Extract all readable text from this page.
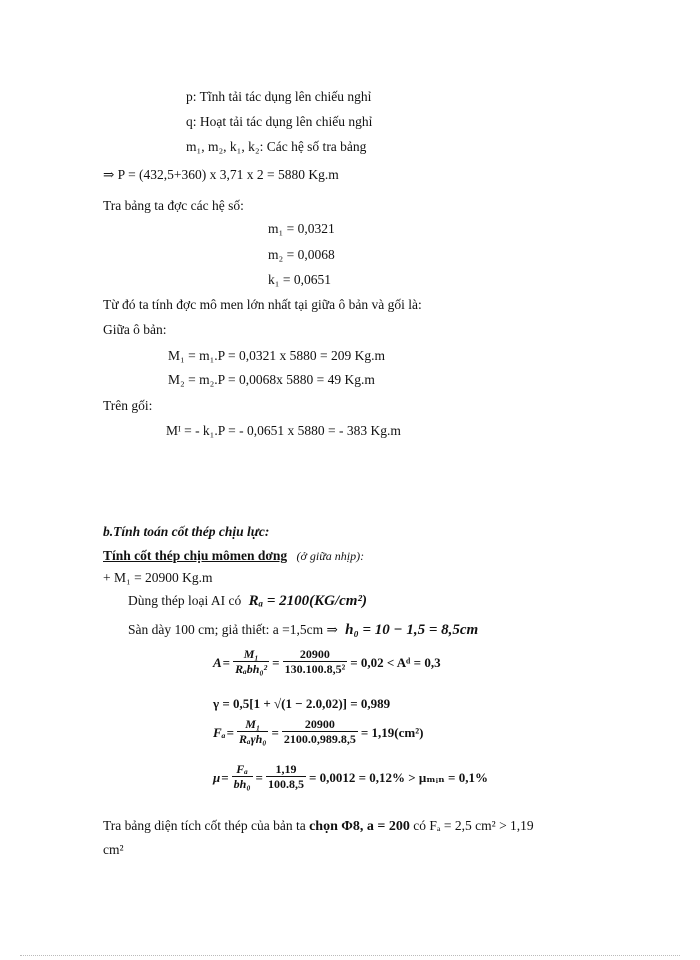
p: Tĩnh tải tác dụng lên chiếu nghỉ
q: Hoạt tải tác dụng lên chiếu nghỉ
m₁, m₂, k₁, k₂: Các hệ số tra bảng
⇒ P = (432,5+360) x 3,71 x 2 = 5880 Kg.m
Tra bảng ta đợc các hệ số:
m₁ = 0,0321
m₂ = 0,0068
k₁ = 0,0651
Từ đó ta tính đợc mô men lớn nhất tại giữa ô bản và gối là:
Giữa ô bản:
M₁ = m₁.P = 0,0321 x 5880 = 209 Kg.m
M₂ = m₂.P = 0,0068x 5880 = 49 Kg.m
Trên gối:
Mᴵ = - k₁.P = - 0,0651 x 5880 = - 383 Kg.m
b.Tính toán cốt thép chịu lực:
Tính cốt thép chịu mômen dơng (ở giữa nhịp):
+ M₁ = 20900 Kg.m
Dùng thép loại AI có Rₐ = 2100(KG/cm²)
Sàn dày 100 cm; giả thiết: a =1,5cm ⇒ h₀ = 10 − 1,5 = 8,5cm
$A = \frac{\text{M₁}}{\text{Rₐbh₀²}} = \frac{20900}{\text{130.100.8,5²}} = 0,02$ < Aᵈ = 0,3
γ = 0,5[1 + √(1 − 2.0,02)] = 0,989
$F_a = \frac{\text{M₁}}{\text{Rₐγh₀}} = \frac{20900}{2100.0,989.8,5} = 1,19(cm^2)$
$\mu = \frac{\text{Fₐ}}{\text{bh₀}} = \frac{1,19}{100.8,5} = 0,0012 = 0,12\%$ > μₘᵢₙ = 0,1%
Tra bảng diện tích cốt thép của bản ta chọn Φ8, a = 200 có Fₐ = 2,5 cm² > 1,19
cm²
